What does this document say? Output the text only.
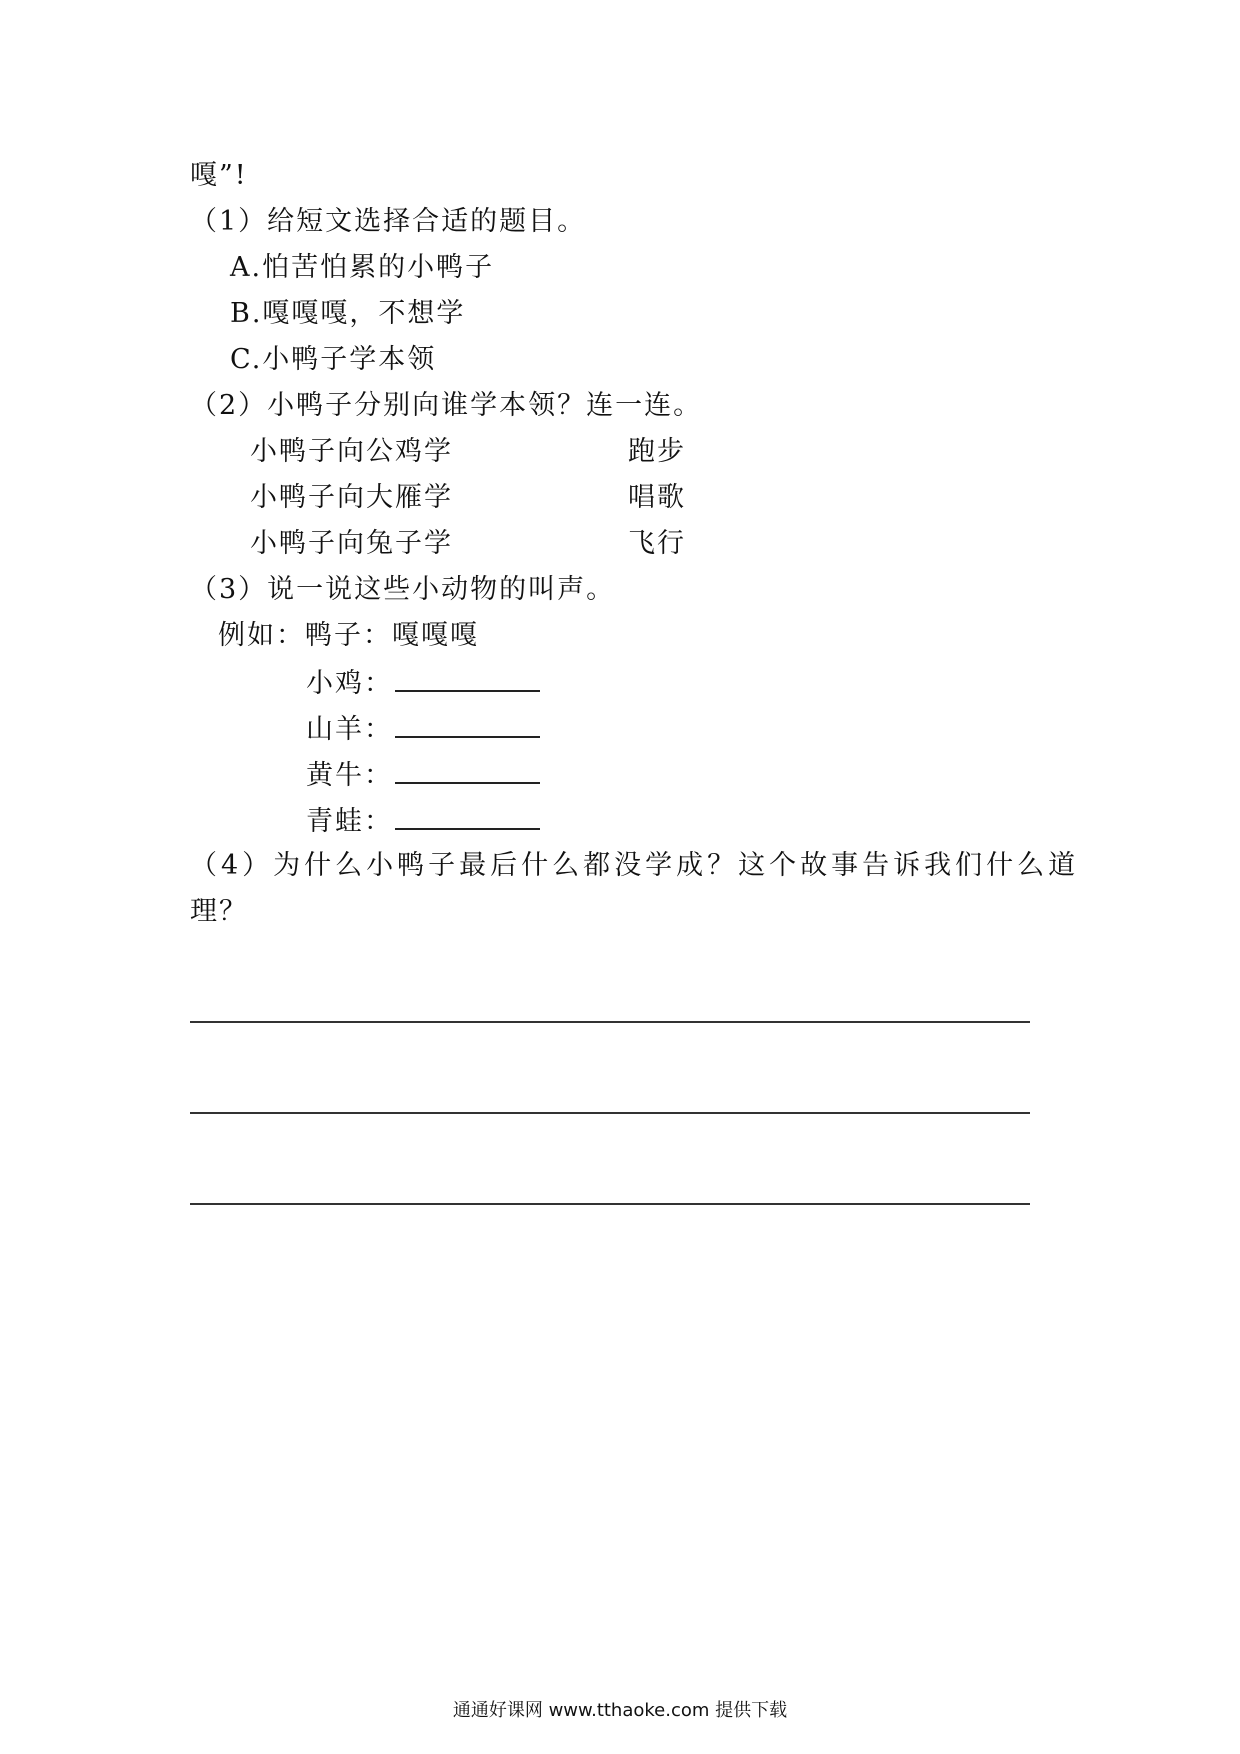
嘎”!
（1）给短文选择合适的题目。
A.怕苦怕累的小鸭子
B.嘎嘎嘎，不想学
C.小鸭子学本领
（2）小鸭子分别向谁学本领？连一连。
小鸭子向公鸡学	跑步
小鸭子向大雁学	唱歌
小鸭子向兔子学	飞行
（3）说一说这些小动物的叫声。
例如：鸭子：嘎嘎嘎
小鸡：
山羊：
黄牛：
青蛙：
（4）为什么小鸭子最后什么都没学成？这个故事告诉我们什么道
理？
通通好课网 www.tthaoke.com 提供下载
